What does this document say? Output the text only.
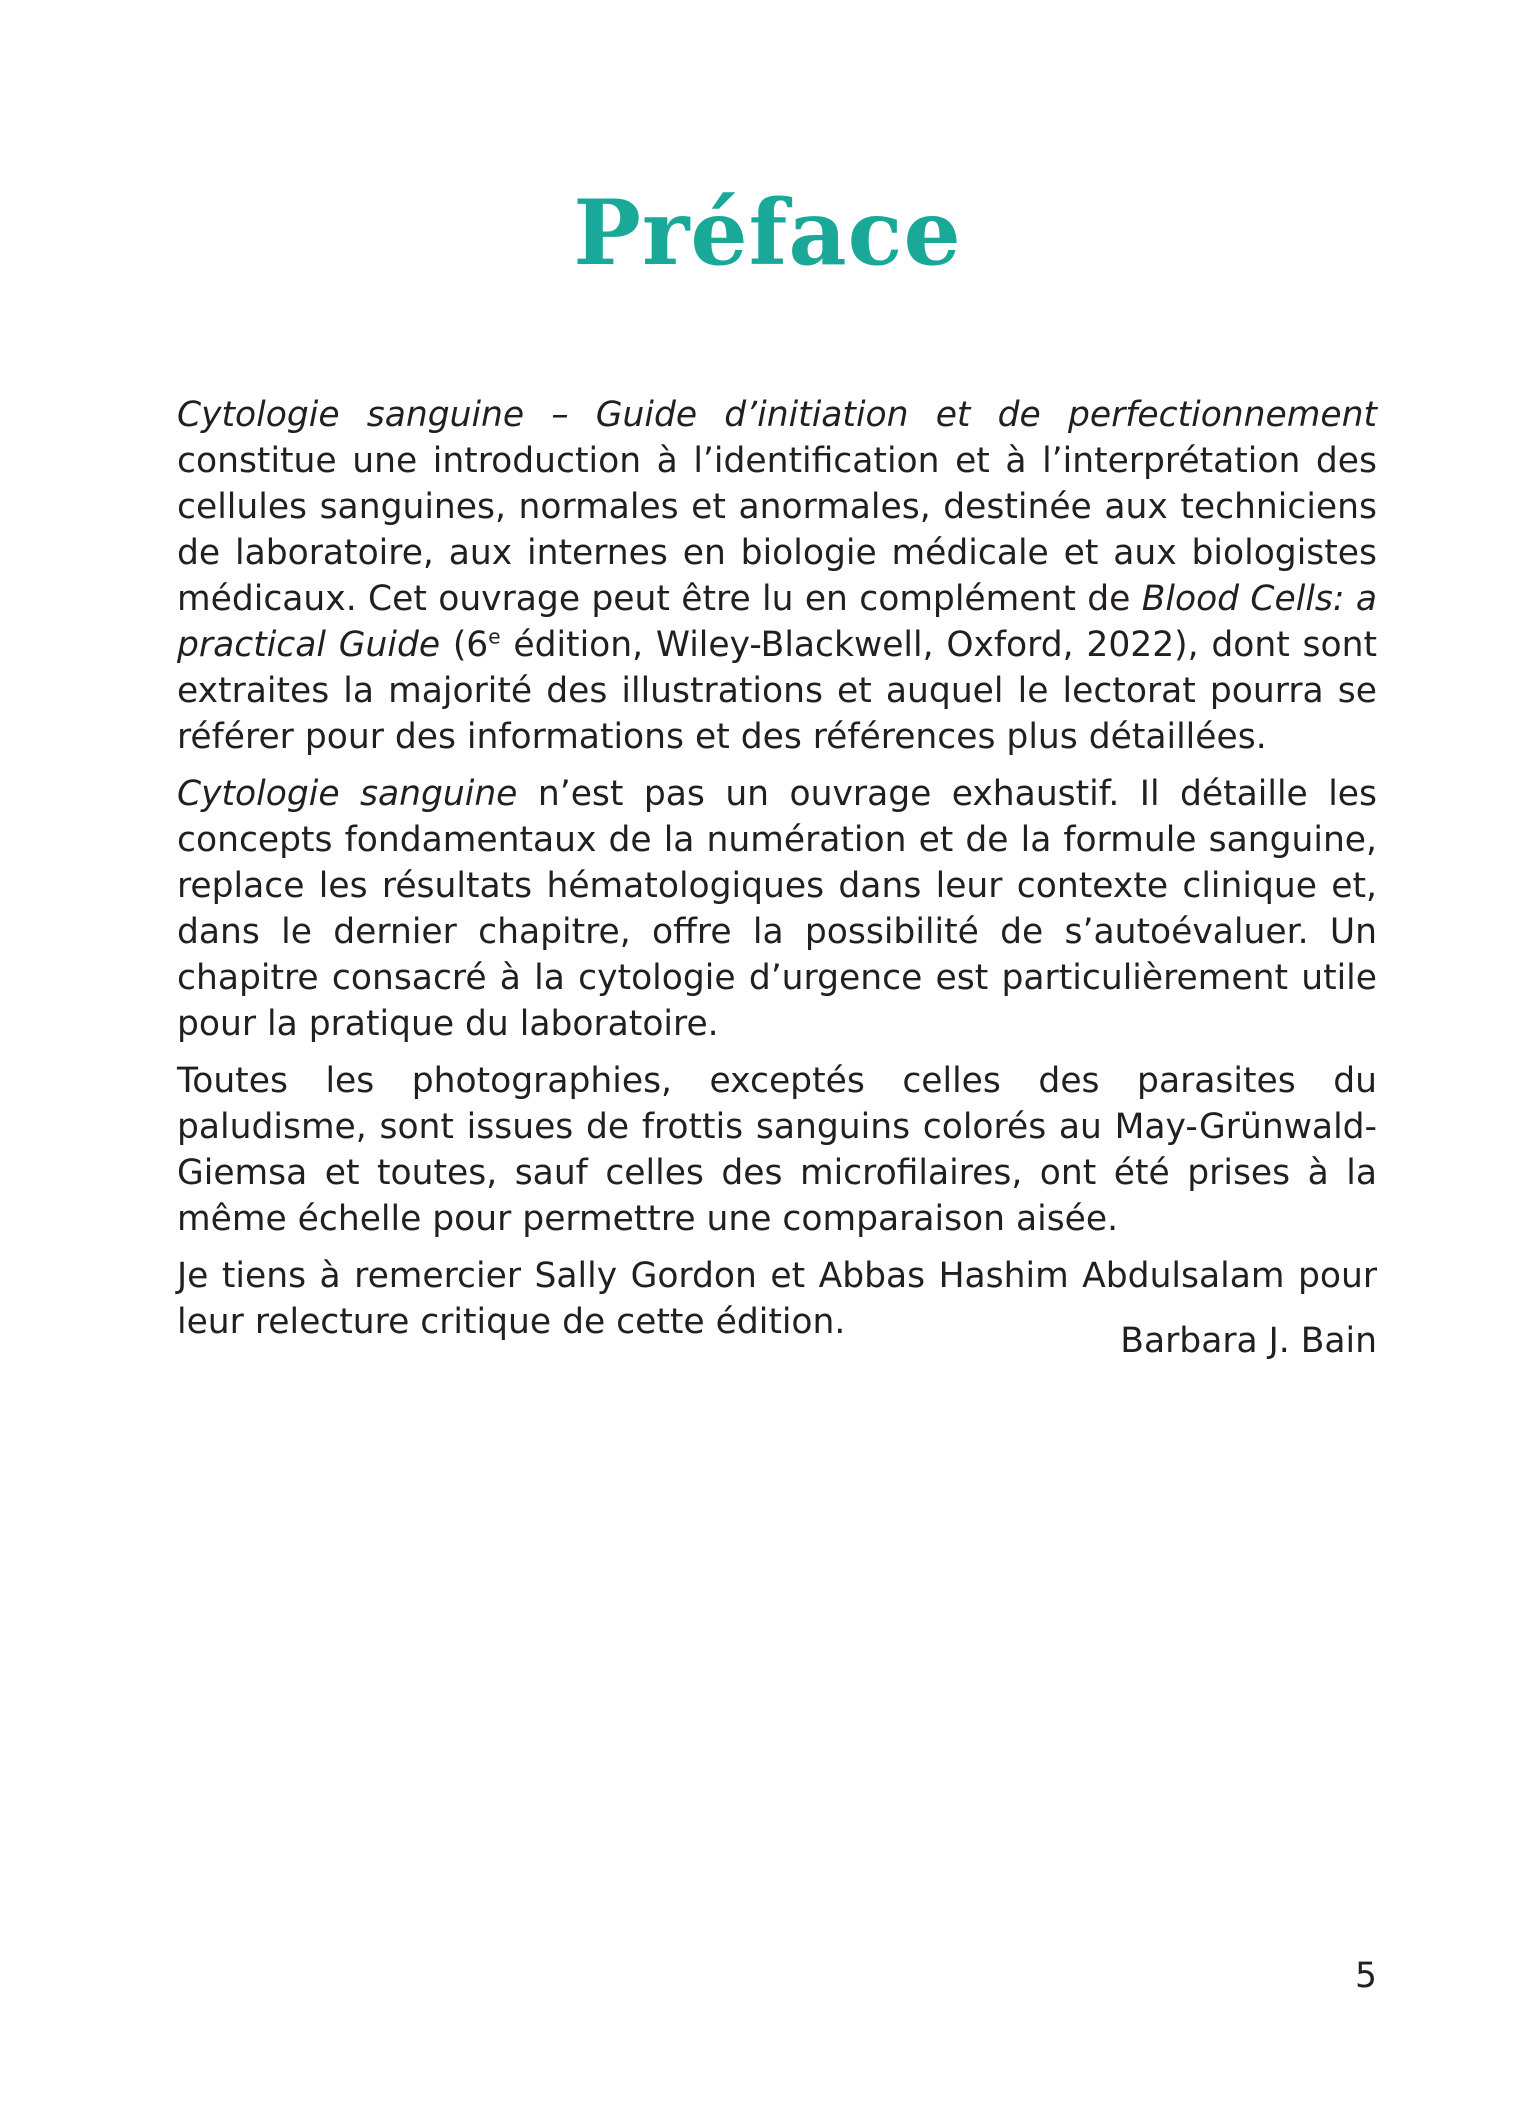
Préface

Cytologie sanguine – Guide d’initiation et de perfectionnement constitue une introduction à l’identification et à l’interprétation des cellules sanguines, normales et anormales, destinée aux techniciens de laboratoire, aux internes en biologie médicale et aux biologistes médicaux. Cet ouvrage peut être lu en complément de Blood Cells: a practical Guide (6e édition, Wiley-Blackwell, Oxford, 2022), dont sont extraites la majorité des illustrations et auquel le lectorat pourra se référer pour des informations et des références plus détaillées.

Cytologie sanguine n’est pas un ouvrage exhaustif. Il détaille les concepts fondamentaux de la numération et de la formule sanguine, replace les résultats hématologiques dans leur contexte clinique et, dans le dernier chapitre, offre la possibilité de s’autoévaluer. Un chapitre consacré à la cytologie d’urgence est particulièrement utile pour la pratique du laboratoire.

Toutes les photographies, exceptés celles des parasites du paludisme, sont issues de frottis sanguins colorés au May-Grünwald-Giemsa et toutes, sauf celles des microfilaires, ont été prises à la même échelle pour permettre une comparaison aisée.

Je tiens à remercier Sally Gordon et Abbas Hashim Abdulsalam pour leur relecture critique de cette édition.	Barbara J. Bain
5
